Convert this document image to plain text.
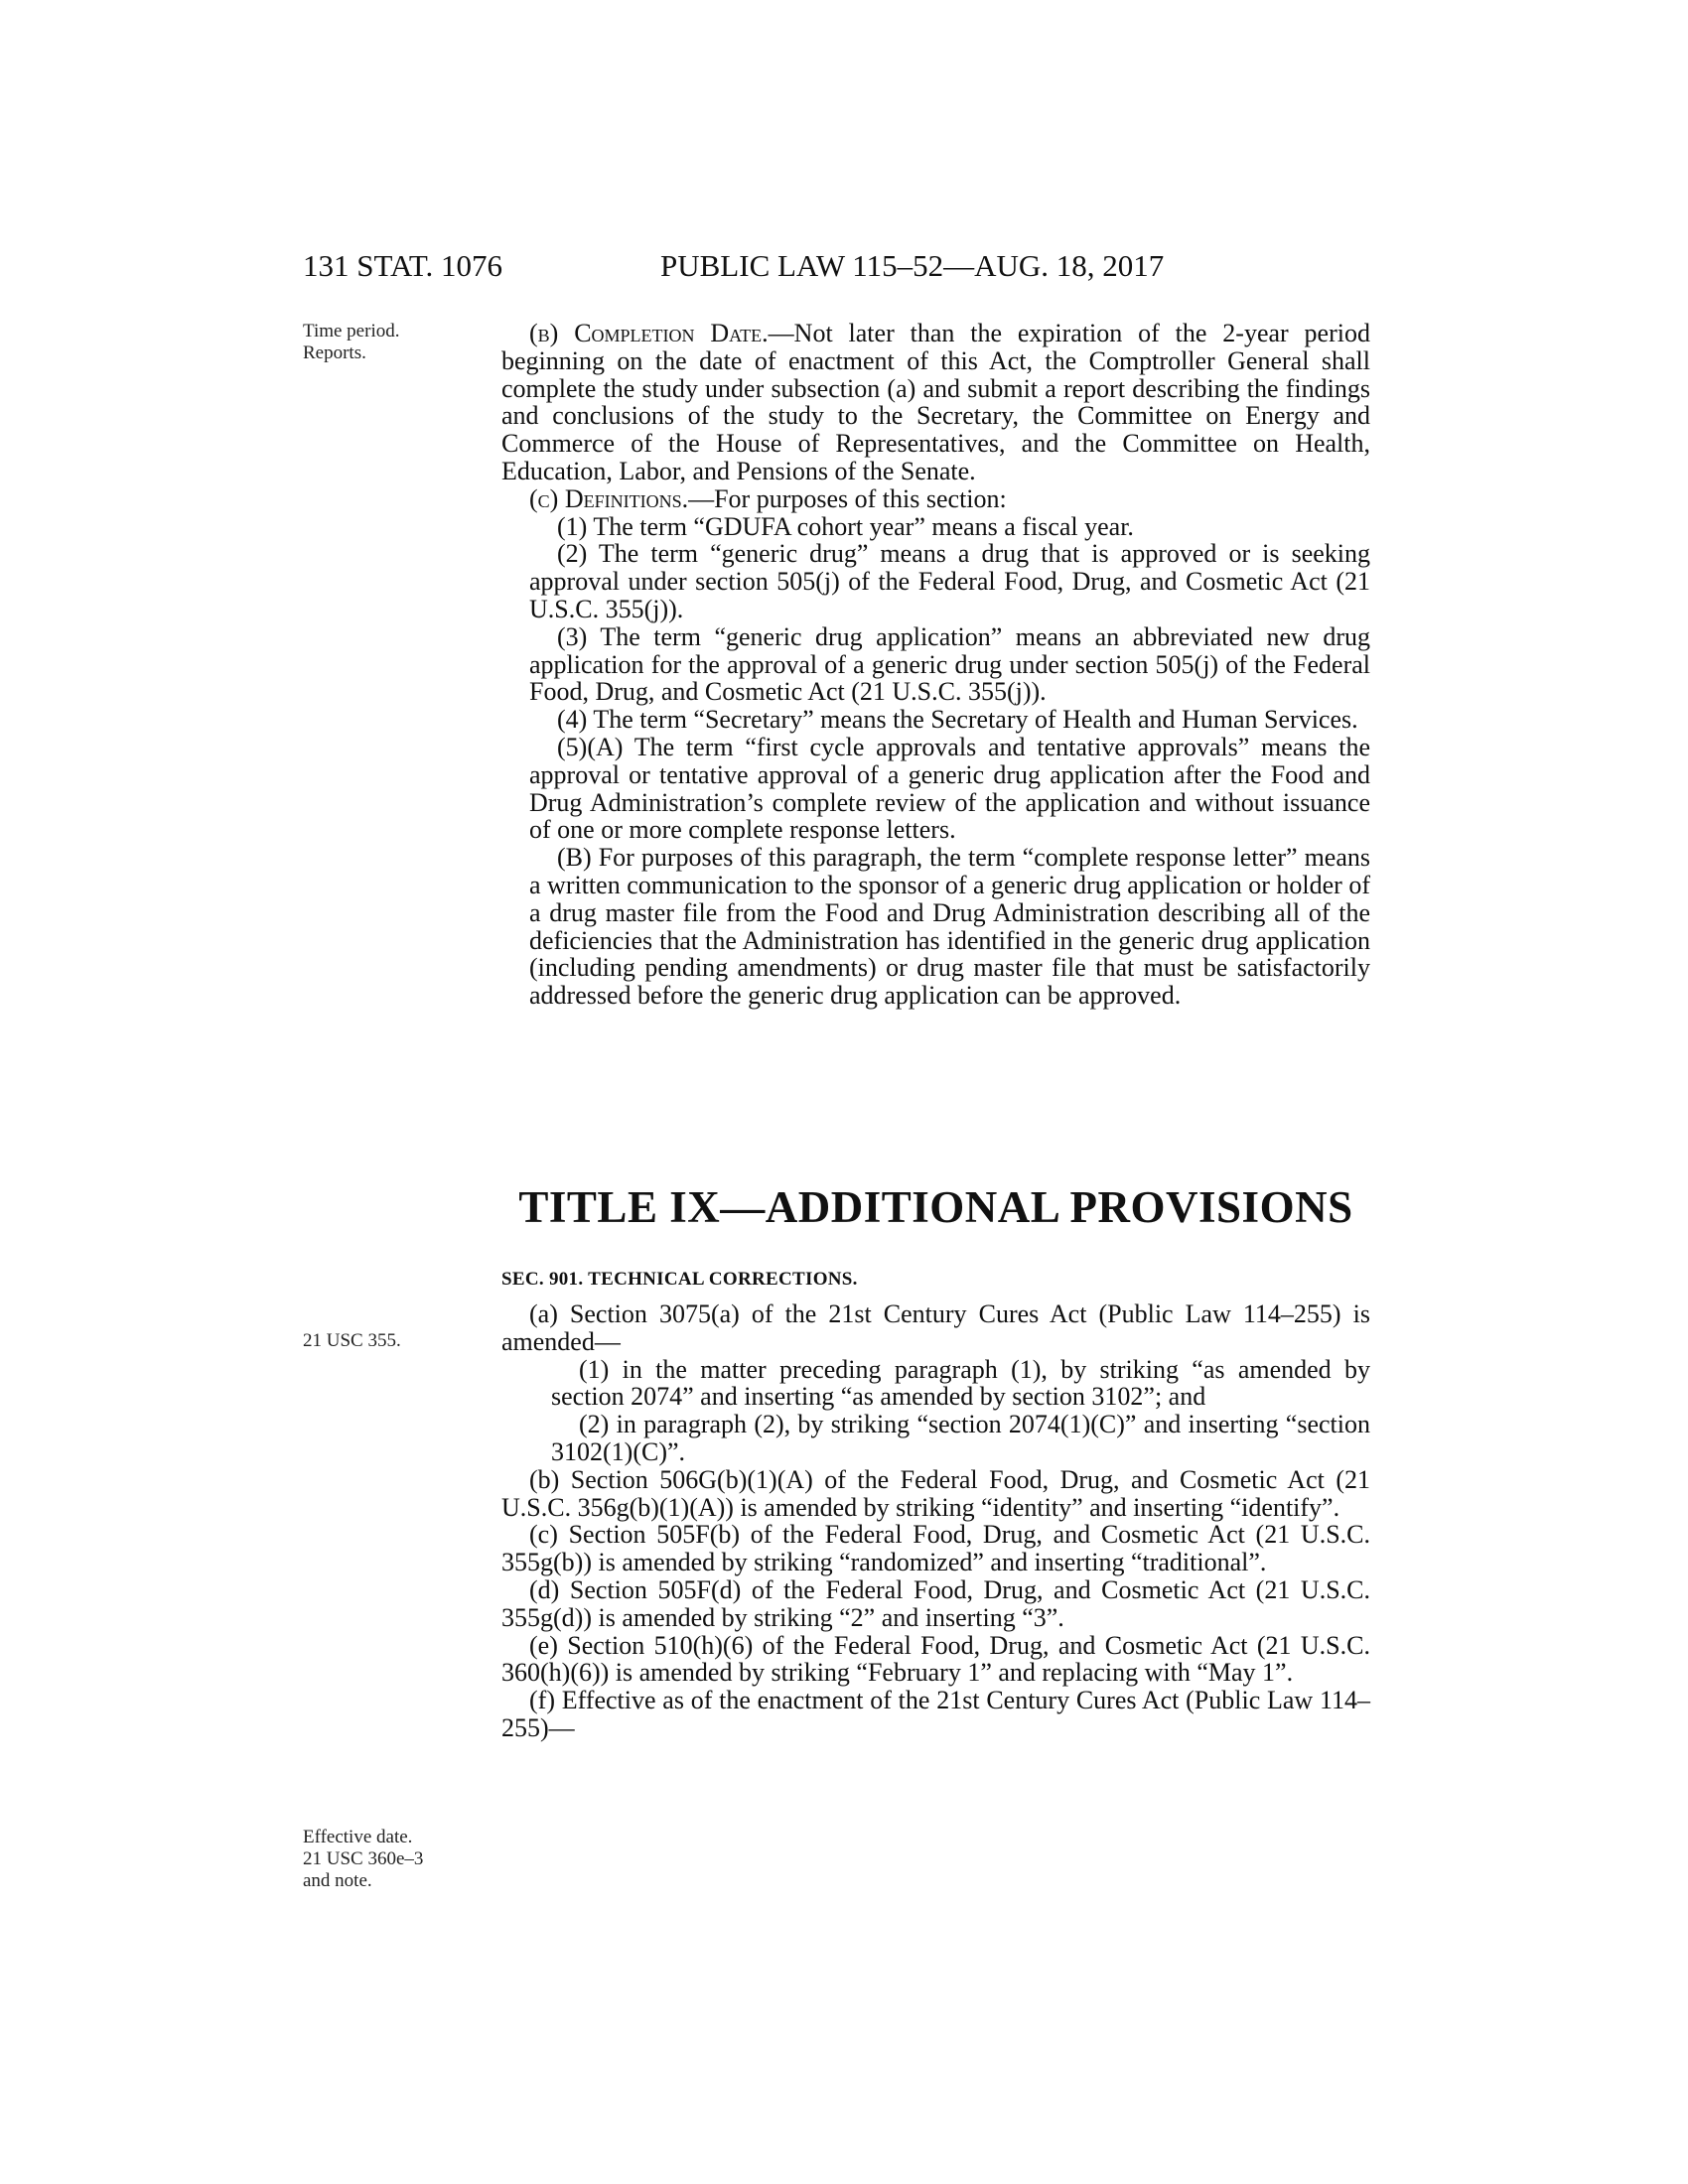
131 STAT. 1076	PUBLIC LAW 115–52—AUG. 18, 2017
Time period.
Reports.
21 USC 355.
Effective date.
21 USC 360e–3
and note.

(b) Completion Date.—Not later than the expiration of the 2-year period beginning on the date of enactment of this Act, the Comptroller General shall complete the study under subsection (a) and submit a report describing the findings and conclusions of the study to the Secretary, the Committee on Energy and Commerce of the House of Representatives, and the Committee on Health, Education, Labor, and Pensions of the Senate.

(c) Definitions.—For purposes of this section:

(1) The term “GDUFA cohort year” means a fiscal year.

(2) The term “generic drug” means a drug that is approved or is seeking approval under section 505(j) of the Federal Food, Drug, and Cosmetic Act (21 U.S.C. 355(j)).

(3) The term “generic drug application” means an abbreviated new drug application for the approval of a generic drug under section 505(j) of the Federal Food, Drug, and Cosmetic Act (21 U.S.C. 355(j)).

(4) The term “Secretary” means the Secretary of Health and Human Services.

(5)(A) The term “first cycle approvals and tentative approvals” means the approval or tentative approval of a generic drug application after the Food and Drug Administration’s complete review of the application and without issuance of one or more complete response letters.

(B) For purposes of this paragraph, the term “complete response letter” means a written communication to the sponsor of a generic drug application or holder of a drug master file from the Food and Drug Administration describing all of the deficiencies that the Administration has identified in the generic drug application (including pending amendments) or drug master file that must be satisfactorily addressed before the generic drug application can be approved.

TITLE IX—ADDITIONAL PROVISIONS
SEC. 901. TECHNICAL CORRECTIONS.

(a) Section 3075(a) of the 21st Century Cures Act (Public Law 114–255) is amended—

(1) in the matter preceding paragraph (1), by striking “as amended by section 2074” and inserting “as amended by section 3102”; and

(2) in paragraph (2), by striking “section 2074(1)(C)” and inserting “section 3102(1)(C)”.

(b) Section 506G(b)(1)(A) of the Federal Food, Drug, and Cosmetic Act (21 U.S.C. 356g(b)(1)(A)) is amended by striking “identity” and inserting “identify”.

(c) Section 505F(b) of the Federal Food, Drug, and Cosmetic Act (21 U.S.C. 355g(b)) is amended by striking “randomized” and inserting “traditional”.

(d) Section 505F(d) of the Federal Food, Drug, and Cosmetic Act (21 U.S.C. 355g(d)) is amended by striking “2” and inserting “3”.

(e) Section 510(h)(6) of the Federal Food, Drug, and Cosmetic Act (21 U.S.C. 360(h)(6)) is amended by striking “February 1” and replacing with “May 1”.

(f) Effective as of the enactment of the 21st Century Cures Act (Public Law 114–255)—
